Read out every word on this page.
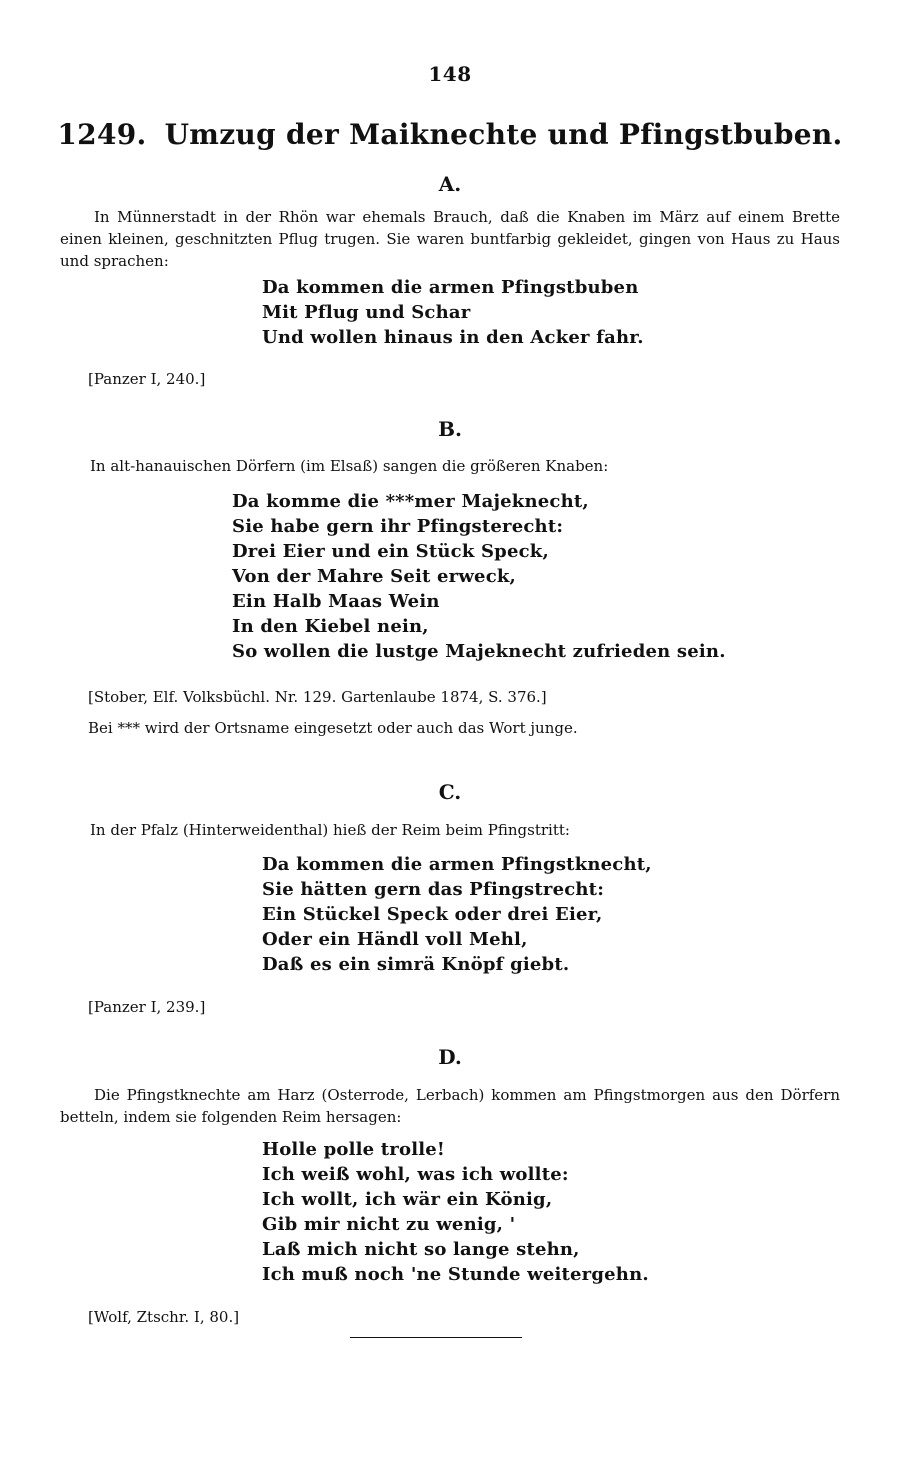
148
1249. Umzug der Maiknechte und Pfingstbuben.
A.
In Münnerstadt in der Rhön war ehemals Brauch, daß die Knaben im März auf einem Brette einen kleinen, geschnitzten Pflug trugen. Sie waren buntfarbig gekleidet, gingen von Haus zu Haus und sprachen:
Da kommen die armen Pfingstbuben
Mit Pflug und Schar
Und wollen hinaus in den Acker fahr.
[Panzer I, 240.]
B.
In alt-hanauischen Dörfern (im Elsaß) sangen die größeren Knaben:
Da komme die ***mer Majeknecht,
Sie habe gern ihr Pfingsterecht:
Drei Eier und ein Stück Speck,
Von der Mahre Seit erweck,
Ein Halb Maas Wein
In den Kiebel nein,
So wollen die lustge Majeknecht zufrieden sein.
[Stober, Elf. Volksbüchl. Nr. 129. Gartenlaube 1874, S. 376.]
Bei *** wird der Ortsname eingesetzt oder auch das Wort junge.
C.
In der Pfalz (Hinterweidenthal) hieß der Reim beim Pfingstritt:
Da kommen die armen Pfingstknecht,
Sie hätten gern das Pfingstrecht:
Ein Stückel Speck oder drei Eier,
Oder ein Händl voll Mehl,
Daß es ein simrä Knöpf giebt.
[Panzer I, 239.]
D.
Die Pfingstknechte am Harz (Osterrode, Lerbach) kommen am Pfingstmorgen aus den Dörfern betteln, indem sie folgenden Reim hersagen:
Holle polle trolle!
Ich weiß wohl, was ich wollte:
Ich wollt, ich wär ein König,
Gib mir nicht zu wenig, '
Laß mich nicht so lange stehn,
Ich muß noch 'ne Stunde weitergehn.
[Wolf, Ztschr. I, 80.]
